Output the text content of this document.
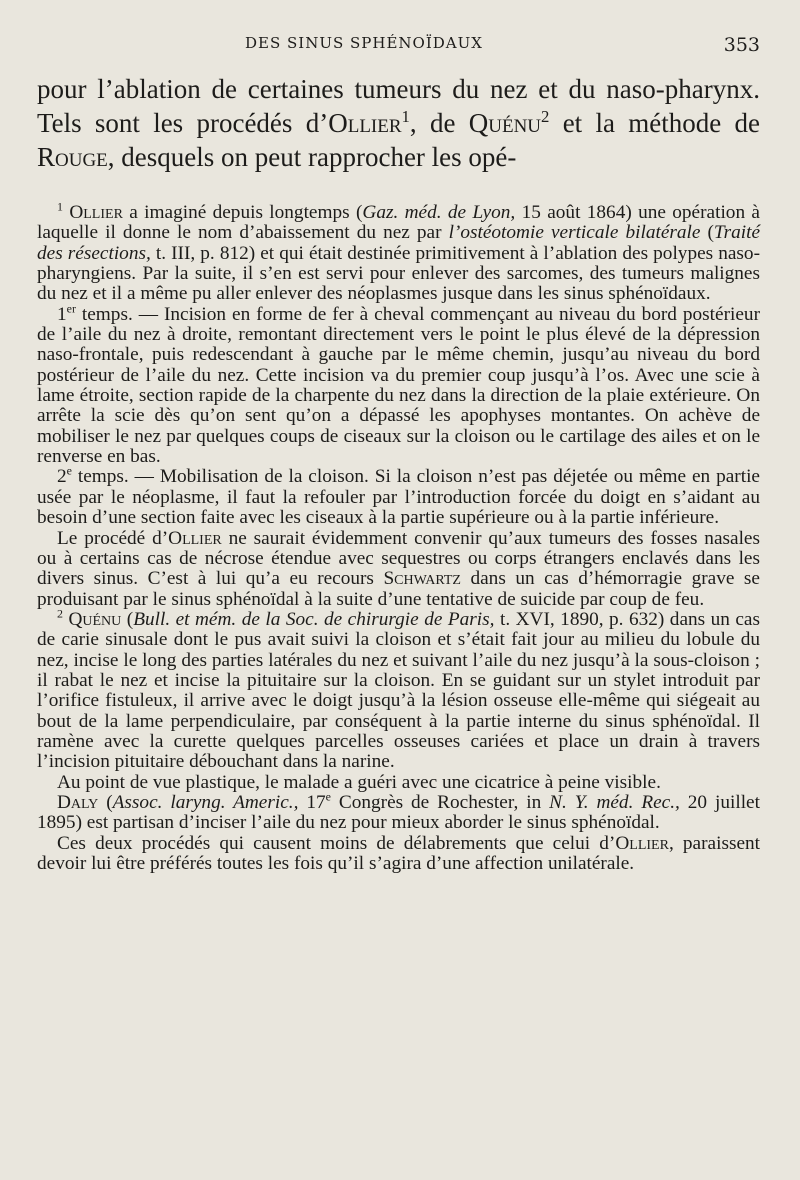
DES SINUS SPHÉNOÏDAUX	353

pour l’ablation de certaines tumeurs du nez et du naso-pharynx. Tels sont les procédés d’Ollier$^1$, de Quénu$^2$ et la méthode de Rouge, desquels on peut rapprocher les opé-

$^1$ Ollier a imaginé depuis longtemps (Gaz. méd. de Lyon, 15 août 1864) une opération à laquelle il donne le nom d’abaissement du nez par l’ostéotomie verticale bilatérale (Traité des résections, t. III, p. 812) et qui était destinée primitivement à l’ablation des polypes naso-pharyngiens. Par la suite, il s’en est servi pour enlever des sarcomes, des tumeurs malignes du nez et il a même pu aller enlever des néoplasmes jusque dans les sinus sphénoïdaux.

1er temps. — Incision en forme de fer à cheval commençant au niveau du bord postérieur de l’aile du nez à droite, remontant directement vers le point le plus élevé de la dépression naso-frontale, puis redescendant à gauche par le même chemin, jusqu’au niveau du bord postérieur de l’aile du nez. Cette incision va du premier coup jusqu’à l’os. Avec une scie à lame étroite, section rapide de la charpente du nez dans la direction de la plaie extérieure. On arrête la scie dès qu’on sent qu’on a dépassé les apophyses montantes. On achève de mobiliser le nez par quelques coups de ciseaux sur la cloison ou le cartilage des ailes et on le renverse en bas.

2e temps. — Mobilisation de la cloison. Si la cloison n’est pas déjetée ou même en partie usée par le néoplasme, il faut la refouler par l’introduction forcée du doigt en s’aidant au besoin d’une section faite avec les ciseaux à la partie supérieure ou à la partie inférieure.

Le procédé d’Ollier ne saurait évidemment convenir qu’aux tumeurs des fosses nasales ou à certains cas de nécrose étendue avec sequestres ou corps étrangers enclavés dans les divers sinus. C’est à lui qu’a eu recours Schwartz dans un cas d’hémorragie grave se produisant par le sinus sphénoïdal à la suite d’une tentative de suicide par coup de feu.

$^2$ Quénu (Bull. et mém. de la Soc. de chirurgie de Paris, t. XVI, 1890, p. 632) dans un cas de carie sinusale dont le pus avait suivi la cloison et s’était fait jour au milieu du lobule du nez, incise le long des parties latérales du nez et suivant l’aile du nez jusqu’à la sous-cloison ; il rabat le nez et incise la pituitaire sur la cloison. En se guidant sur un stylet introduit par l’orifice fistuleux, il arrive avec le doigt jusqu’à la lésion osseuse elle-même qui siégeait au bout de la lame perpendiculaire, par conséquent à la partie interne du sinus sphénoïdal. Il ramène avec la curette quelques parcelles osseuses cariées et place un drain à travers l’incision pituitaire débouchant dans la narine.

Au point de vue plastique, le malade a guéri avec une cicatrice à peine visible.

Daly (Assoc. laryng. Americ., 17e Congrès de Rochester, in N. Y. méd. Rec., 20 juillet 1895) est partisan d’inciser l’aile du nez pour mieux aborder le sinus sphénoïdal.

Ces deux procédés qui causent moins de délabrements que celui d’Ollier, paraissent devoir lui être préférés toutes les fois qu’il s’agira d’une affection unilatérale.
